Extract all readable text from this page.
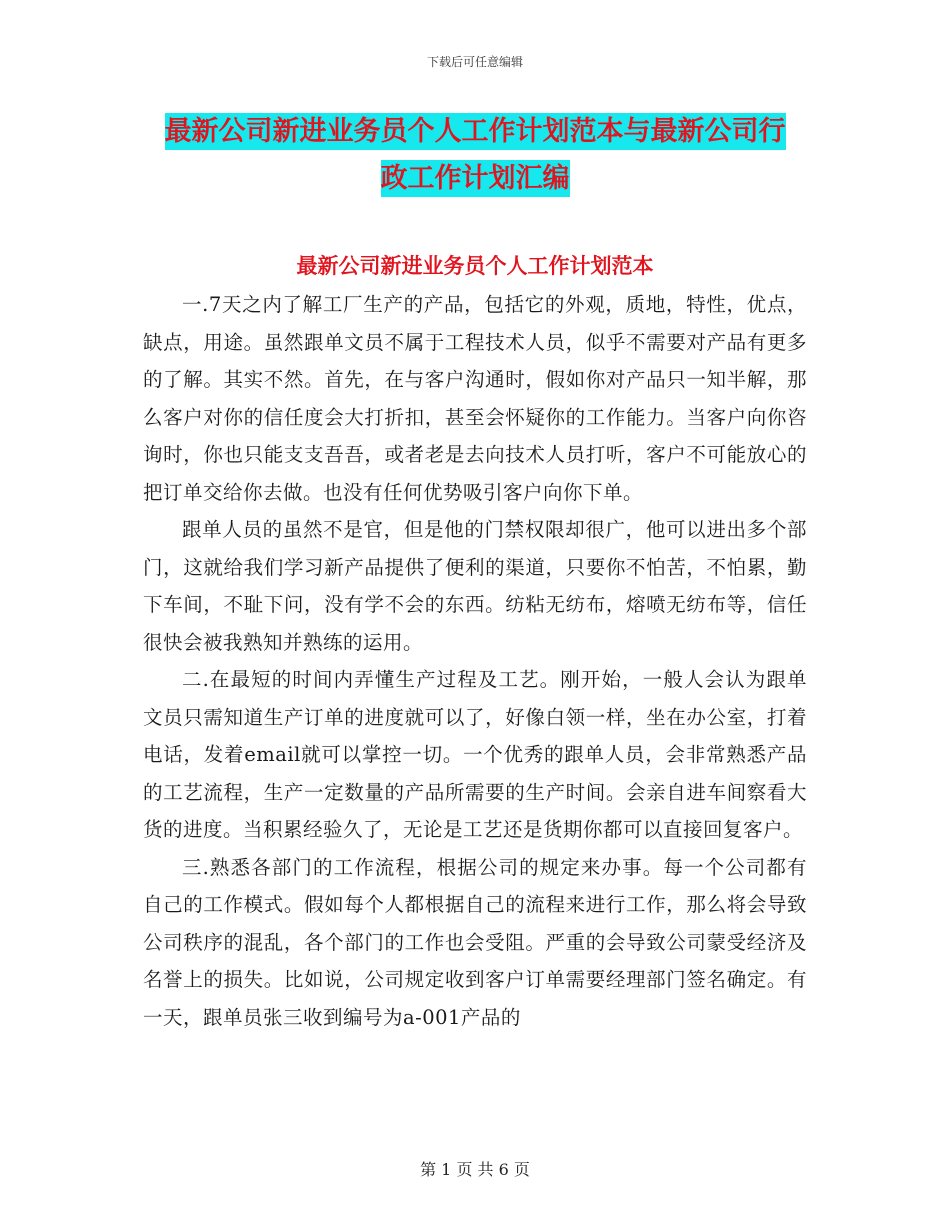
下载后可任意编辑
最新公司新进业务员个人工作计划范本与最新公司行
政工作计划汇编
最新公司新进业务员个人工作计划范本

一.7天之内了解工厂生产的产品，包括它的外观，质地，特性，优点，缺点，用途。虽然跟单文员不属于工程技术人员，似乎不需要对产品有更多的了解。其实不然。首先，在与客户沟通时，假如你对产品只一知半解，那么客户对你的信任度会大打折扣，甚至会怀疑你的工作能力。当客户向你咨询时，你也只能支支吾吾，或者老是去向技术人员打听，客户不可能放心的把订单交给你去做。也没有任何优势吸引客户向你下单。

跟单人员的虽然不是官，但是他的门禁权限却很广，他可以进出多个部门，这就给我们学习新产品提供了便利的渠道，只要你不怕苦，不怕累，勤下车间，不耻下问，没有学不会的东西。纺粘无纺布，熔喷无纺布等，信任很快会被我熟知并熟练的运用。

二.在最短的时间内弄懂生产过程及工艺。刚开始，一般人会认为跟单文员只需知道生产订单的进度就可以了，好像白领一样，坐在办公室，打着电话，发着email就可以掌控一切。一个优秀的跟单人员，会非常熟悉产品的工艺流程，生产一定数量的产品所需要的生产时间。会亲自进车间察看大货的进度。当积累经验久了，无论是工艺还是货期你都可以直接回复客户。

三.熟悉各部门的工作流程，根据公司的规定来办事。每一个公司都有自己的工作模式。假如每个人都根据自己的流程来进行工作，那么将会导致公司秩序的混乱，各个部门的工作也会受阻。严重的会导致公司蒙受经济及名誉上的损失。比如说，公司规定收到客户订单需要经理部门签名确定。有一天，跟单员张三收到编号为a-001产品的

第 1 页 共 6 页
